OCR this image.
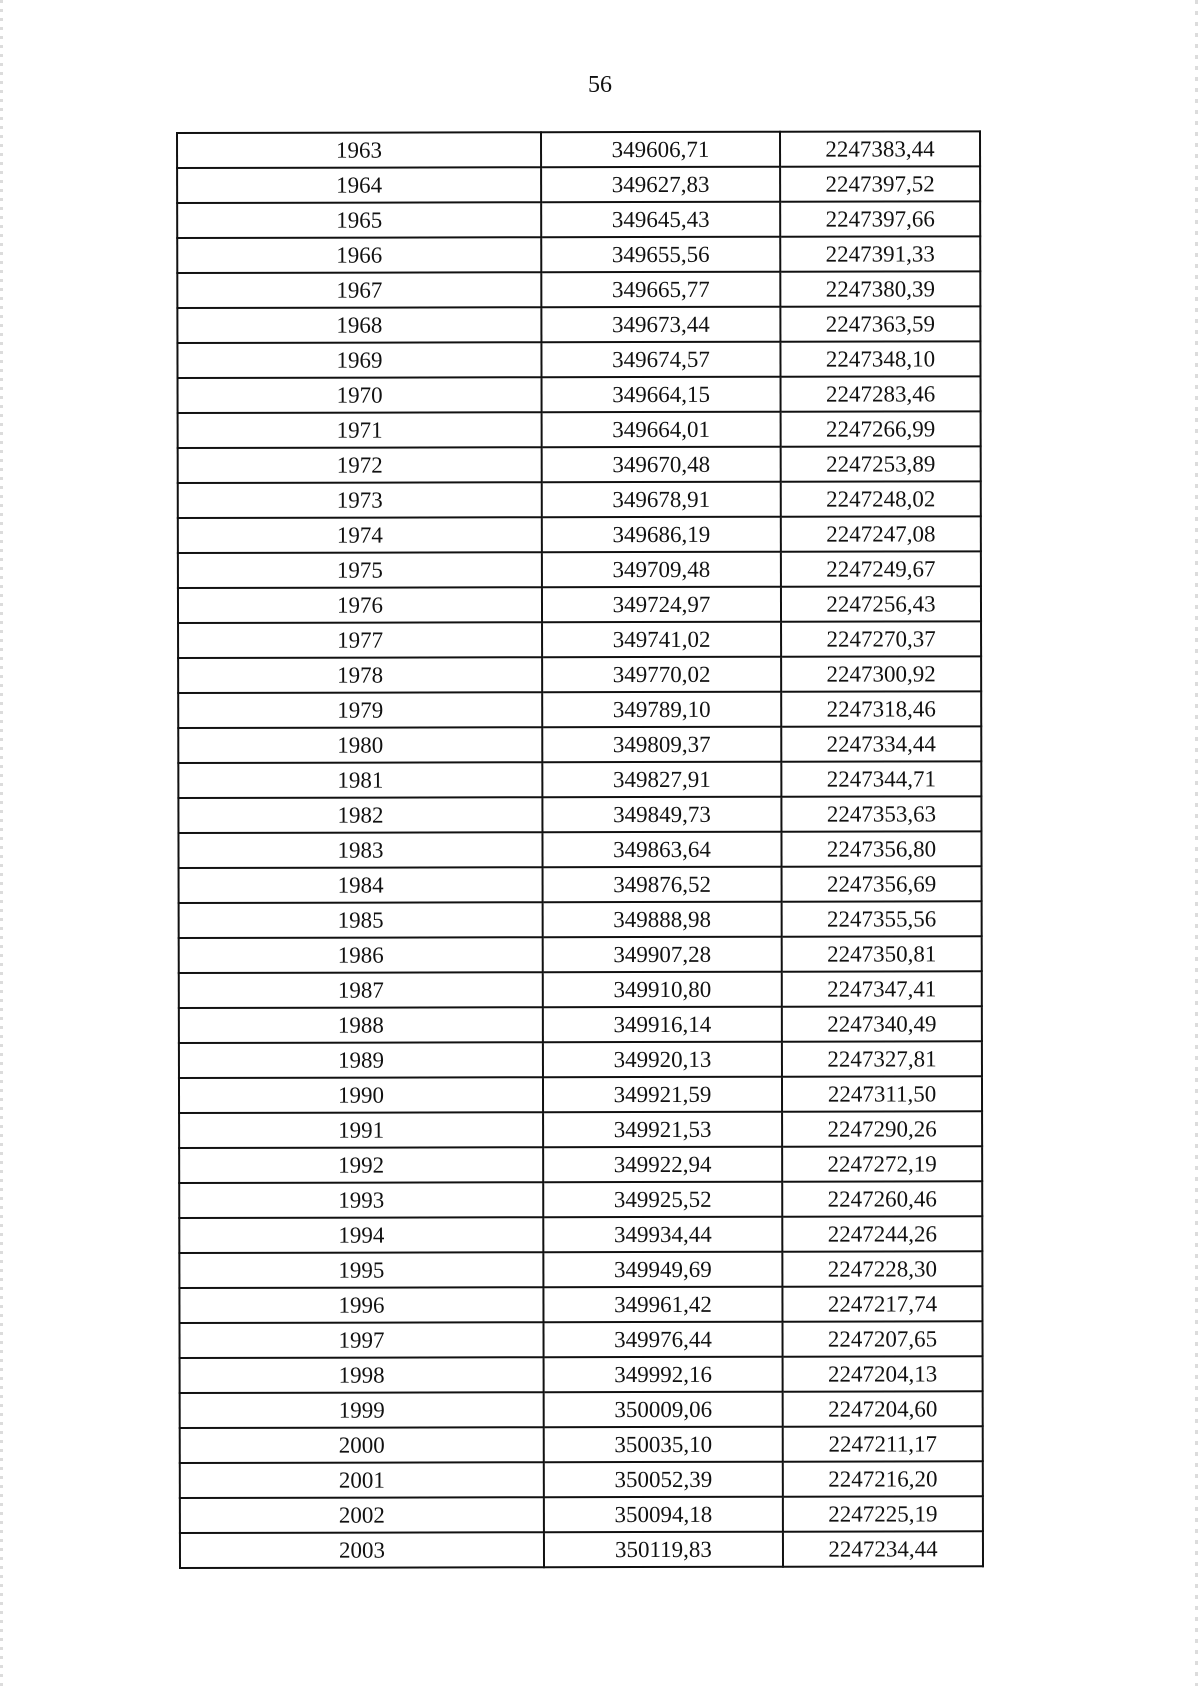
56
1963	349606,71	2247383,44
1964	349627,83	2247397,52
1965	349645,43	2247397,66
1966	349655,56	2247391,33
1967	349665,77	2247380,39
1968	349673,44	2247363,59
1969	349674,57	2247348,10
1970	349664,15	2247283,46
1971	349664,01	2247266,99
1972	349670,48	2247253,89
1973	349678,91	2247248,02
1974	349686,19	2247247,08
1975	349709,48	2247249,67
1976	349724,97	2247256,43
1977	349741,02	2247270,37
1978	349770,02	2247300,92
1979	349789,10	2247318,46
1980	349809,37	2247334,44
1981	349827,91	2247344,71
1982	349849,73	2247353,63
1983	349863,64	2247356,80
1984	349876,52	2247356,69
1985	349888,98	2247355,56
1986	349907,28	2247350,81
1987	349910,80	2247347,41
1988	349916,14	2247340,49
1989	349920,13	2247327,81
1990	349921,59	2247311,50
1991	349921,53	2247290,26
1992	349922,94	2247272,19
1993	349925,52	2247260,46
1994	349934,44	2247244,26
1995	349949,69	2247228,30
1996	349961,42	2247217,74
1997	349976,44	2247207,65
1998	349992,16	2247204,13
1999	350009,06	2247204,60
2000	350035,10	2247211,17
2001	350052,39	2247216,20
2002	350094,18	2247225,19
2003	350119,83	2247234,44
